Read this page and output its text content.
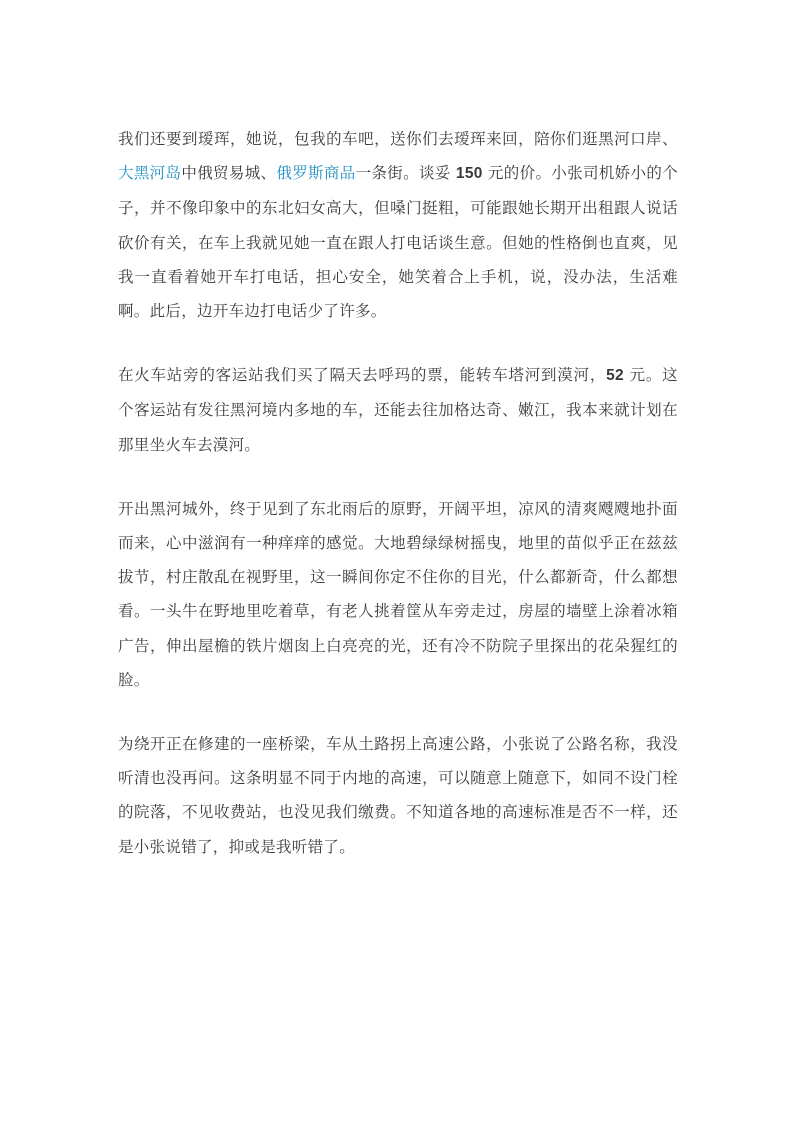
我们还要到瑷珲，她说，包我的车吧，送你们去瑷珲来回，陪你们逛黑河口岸、大黑河岛中俄贸易城、俄罗斯商品一条街。谈妥 150 元的价。小张司机娇小的个子，并不像印象中的东北妇女高大，但嗓门挺粗，可能跟她长期开出租跟人说话砍价有关，在车上我就见她一直在跟人打电话谈生意。但她的性格倒也直爽，见我一直看着她开车打电话，担心安全，她笑着合上手机，说，没办法，生活难啊。此后，边开车边打电话少了许多。

在火车站旁的客运站我们买了隔天去呼玛的票，能转车塔河到漠河，52 元。这个客运站有发往黑河境内多地的车，还能去往加格达奇、嫩江，我本来就计划在那里坐火车去漠河。

开出黑河城外，终于见到了东北雨后的原野，开阔平坦，凉风的清爽飕飕地扑面而来，心中滋润有一种痒痒的感觉。大地碧绿绿树摇曳，地里的苗似乎正在兹兹拔节，村庄散乱在视野里，这一瞬间你定不住你的目光，什么都新奇，什么都想看。一头牛在野地里吃着草，有老人挑着筐从车旁走过，房屋的墙壁上涂着冰箱广告，伸出屋檐的铁片烟囱上白亮亮的光，还有冷不防院子里探出的花朵猩红的脸。

为绕开正在修建的一座桥梁，车从土路拐上高速公路，小张说了公路名称，我没听清也没再问。这条明显不同于内地的高速，可以随意上随意下，如同不设门栓的院落，不见收费站，也没见我们缴费。不知道各地的高速标准是否不一样，还是小张说错了，抑或是我听错了。
